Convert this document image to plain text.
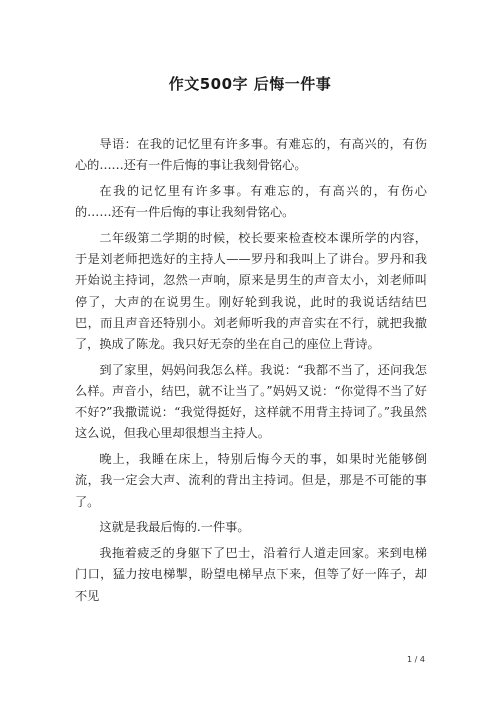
作文500字 后悔一件事

导语：在我的记忆里有许多事。有难忘的，有高兴的，有伤心的……还有一件后悔的事让我刻骨铭心。

在我的记忆里有许多事。有难忘的，有高兴的，有伤心的……还有一件后悔的事让我刻骨铭心。

二年级第二学期的时候，校长要来检查校本课所学的内容，于是刘老师把选好的主持人——罗丹和我叫上了讲台。罗丹和我开始说主持词，忽然一声响，原来是男生的声音太小，刘老师叫停了，大声的在说男生。刚好轮到我说，此时的我说话结结巴巴，而且声音还特别小。刘老师听我的声音实在不行，就把我撤了，换成了陈龙。我只好无奈的坐在自己的座位上背诗。

到了家里，妈妈问我怎么样。我说：“我都不当了，还问我怎么样。声音小，结巴，就不让当了。”妈妈又说：“你觉得不当了好不好?”我撒谎说：“我觉得挺好，这样就不用背主持词了。”我虽然这么说，但我心里却很想当主持人。

晚上，我睡在床上，特别后悔今天的事，如果时光能够倒流，我一定会大声、流利的背出主持词。但是，那是不可能的事了。

这就是我最后悔的.一件事。

我拖着疲乏的身躯下了巴士，沿着行人道走回家。来到电梯门口，猛力按电梯掣，盼望电梯早点下来，但等了好一阵子，却不见

1 / 4
